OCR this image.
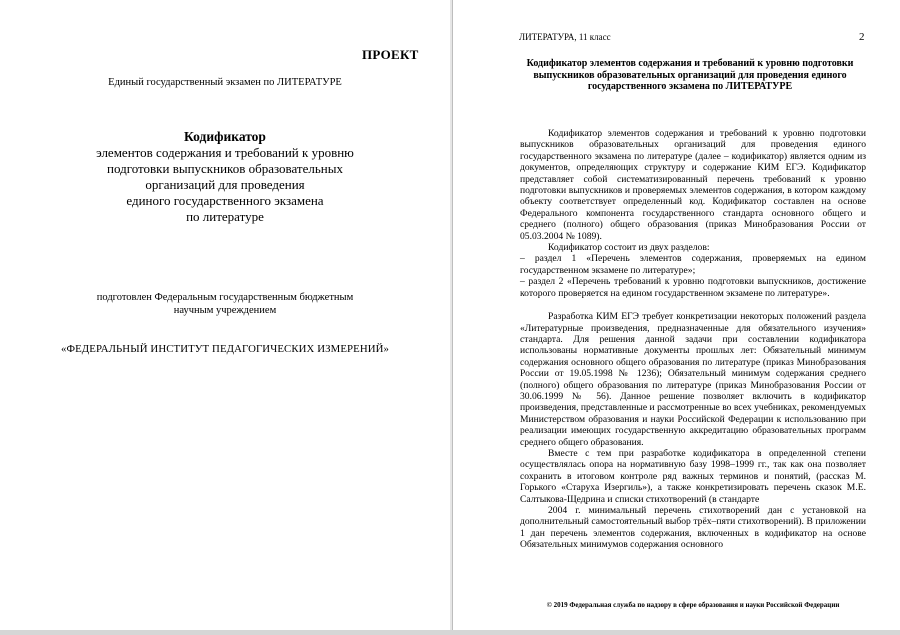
ПРОЕКТ
Единый государственный экзамен по ЛИТЕРАТУРЕ
Кодификатор
элементов содержания и требований к уровню
подготовки выпускников образовательных
организаций для проведения
единого государственного экзамена
по литературе
подготовлен Федеральным государственным бюджетным
научным учреждением
«ФЕДЕРАЛЬНЫЙ ИНСТИТУТ ПЕДАГОГИЧЕСКИХ ИЗМЕРЕНИЙ»
ЛИТЕРАТУРА, 11 класс	2
Кодификатор элементов содержания и требований к уровню подготовки выпускников образовательных организаций для проведения единого государственного экзамена по ЛИТЕРАТУРЕ

Кодификатор элементов содержания и требований к уровню подготовки выпускников образовательных организаций для проведения единого государственного экзамена по литературе (далее – кодификатор) является одним из документов, определяющих структуру и содержание КИМ ЕГЭ. Кодификатор представляет собой систематизированный перечень требований к уровню подготовки выпускников и проверяемых элементов содержания, в котором каждому объекту соответствует определенный код. Кодификатор составлен на основе Федерального компонента государственного стандарта основного общего и среднего (полного) общего образования (приказ Минобразования России от 05.03.2004 № 1089).

Кодификатор состоит из двух разделов:

– раздел 1 «Перечень элементов содержания, проверяемых на едином государственном экзамене по литературе»;

– раздел 2 «Перечень требований к уровню подготовки выпускников, достижение которого проверяется на едином государственном экзамене по литературе».

Разработка КИМ ЕГЭ требует конкретизации некоторых положений раздела «Литературные произведения, предназначенные для обязательного изучения» стандарта. Для решения данной задачи при составлении кодификатора использованы нормативные документы прошлых лет: Обязательный минимум содержания основного общего образования по литературе (приказ Минобразования России от 19.05.1998 № 1236); Обязательный минимум содержания среднего (полного) общего образования по литературе (приказ Минобразования России от 30.06.1999 № 56). Данное решение позволяет включить в кодификатор произведения, представленные и рассмотренные во всех учебниках, рекомендуемых Министерством образования и науки Российской Федерации к использованию при реализации имеющих государственную аккредитацию образовательных программ среднего общего образования.

Вместе с тем при разработке кодификатора в определенной степени осуществлялась опора на нормативную базу 1998–1999 гг., так как она позволяет сохранить в итоговом контроле ряд важных терминов и понятий, (рассказ М. Горького «Старуха Изергиль»), а также конкретизировать перечень сказок М.Е. Салтыкова-Щедрина и списки стихотворений (в стандарте

2004 г. минимальный перечень стихотворений дан с установкой на дополнительный самостоятельный выбор трёх–пяти стихотворений). В приложении 1 дан перечень элементов содержания, включенных в кодификатор на основе Обязательных минимумов содержания основного

© 2019 Федеральная служба по надзору в сфере образования и науки Российской Федерации
